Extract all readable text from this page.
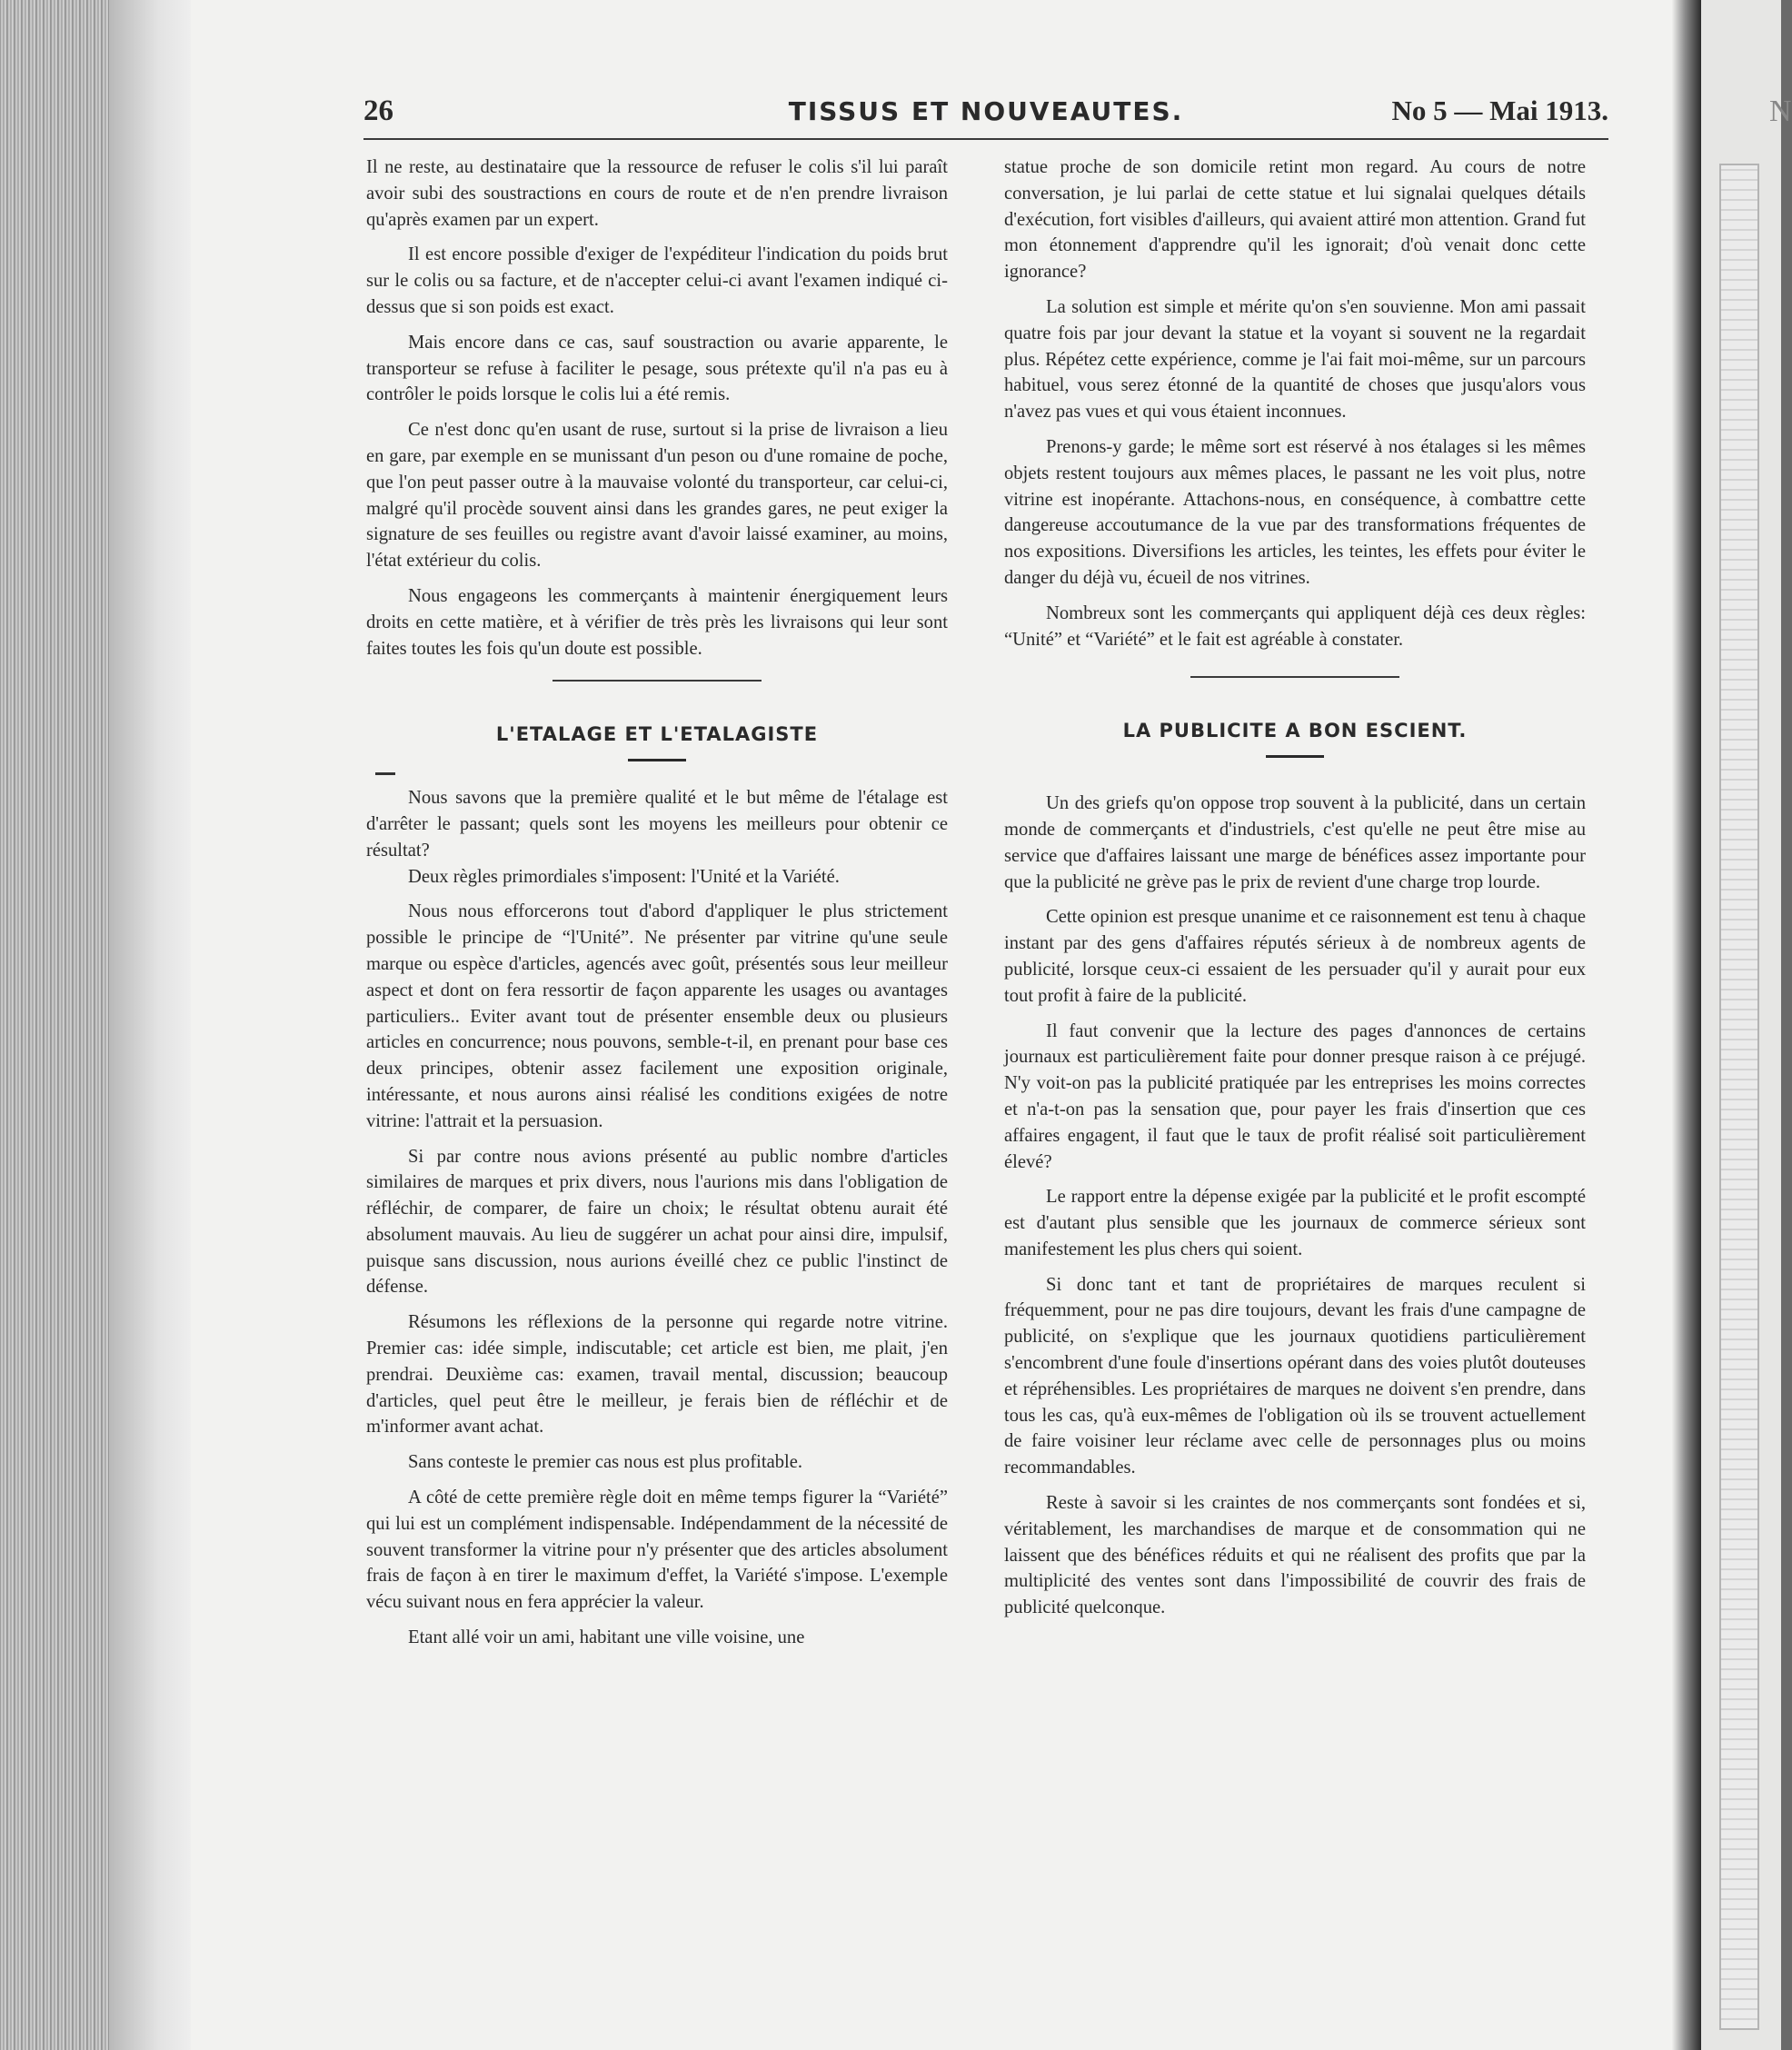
N
26	TISSUS ET NOUVEAUTES.	No 5 — Mai 1913.

Il ne reste, au destinataire que la ressource de refuser le colis s'il lui paraît avoir subi des soustractions en cours de route et de n'en prendre livraison qu'après examen par un expert.

Il est encore possible d'exiger de l'expéditeur l'indication du poids brut sur le colis ou sa facture, et de n'accepter celui-ci avant l'examen indiqué ci-dessus que si son poids est exact.

Mais encore dans ce cas, sauf soustraction ou avarie apparente, le transporteur se refuse à faciliter le pesage, sous prétexte qu'il n'a pas eu à contrôler le poids lorsque le colis lui a été remis.

Ce n'est donc qu'en usant de ruse, surtout si la prise de livraison a lieu en gare, par exemple en se munissant d'un peson ou d'une romaine de poche, que l'on peut passer outre à la mauvaise volonté du transporteur, car celui-ci, malgré qu'il procède souvent ainsi dans les grandes gares, ne peut exiger la signature de ses feuilles ou registre avant d'avoir laissé examiner, au moins, l'état extérieur du colis.

Nous engageons les commerçants à maintenir énergiquement leurs droits en cette matière, et à vérifier de très près les livraisons qui leur sont faites toutes les fois qu'un doute est possible.

L'ETALAGE ET L'ETALAGISTE

Nous savons que la première qualité et le but même de l'étalage est d'arrêter le passant; quels sont les moyens les meilleurs pour obtenir ce résultat?

Deux règles primordiales s'imposent: l'Unité et la Variété.

Nous nous efforcerons tout d'abord d'appliquer le plus strictement possible le principe de “l'Unité”. Ne présenter par vitrine qu'une seule marque ou espèce d'articles, agencés avec goût, présentés sous leur meilleur aspect et dont on fera ressortir de façon apparente les usages ou avantages particuliers.. Eviter avant tout de présenter ensemble deux ou plusieurs articles en concurrence; nous pouvons, semble-t-il, en prenant pour base ces deux principes, obtenir assez facilement une exposition originale, intéressante, et nous aurons ainsi réalisé les conditions exigées de notre vitrine: l'attrait et la persuasion.

Si par contre nous avions présenté au public nombre d'articles similaires de marques et prix divers, nous l'aurions mis dans l'obligation de réfléchir, de comparer, de faire un choix; le résultat obtenu aurait été absolument mauvais. Au lieu de suggérer un achat pour ainsi dire, impulsif, puisque sans discussion, nous aurions éveillé chez ce public l'instinct de défense.

Résumons les réflexions de la personne qui regarde notre vitrine. Premier cas: idée simple, indiscutable; cet article est bien, me plait, j'en prendrai. Deuxième cas: examen, travail mental, discussion; beaucoup d'articles, quel peut être le meilleur, je ferais bien de réfléchir et de m'informer avant achat.

Sans conteste le premier cas nous est plus profitable.

A côté de cette première règle doit en même temps figurer la “Variété” qui lui est un complément indispensable. Indépendamment de la nécessité de souvent transformer la vitrine pour n'y présenter que des articles absolument frais de façon à en tirer le maximum d'effet, la Variété s'impose. L'exemple vécu suivant nous en fera apprécier la valeur.

Etant allé voir un ami, habitant une ville voisine, une

statue proche de son domicile retint mon regard. Au cours de notre conversation, je lui parlai de cette statue et lui signalai quelques détails d'exécution, fort visibles d'ailleurs, qui avaient attiré mon attention. Grand fut mon étonnement d'apprendre qu'il les ignorait; d'où venait donc cette ignorance?

La solution est simple et mérite qu'on s'en souvienne. Mon ami passait quatre fois par jour devant la statue et la voyant si souvent ne la regardait plus. Répétez cette expérience, comme je l'ai fait moi-même, sur un parcours habituel, vous serez étonné de la quantité de choses que jusqu'alors vous n'avez pas vues et qui vous étaient inconnues.

Prenons-y garde; le même sort est réservé à nos étalages si les mêmes objets restent toujours aux mêmes places, le passant ne les voit plus, notre vitrine est inopérante. Attachons-nous, en conséquence, à combattre cette dangereuse accoutumance de la vue par des transformations fréquentes de nos expositions. Diversifions les articles, les teintes, les effets pour éviter le danger du déjà vu, écueil de nos vitrines.

Nombreux sont les commerçants qui appliquent déjà ces deux règles: “Unité” et “Variété” et le fait est agréable à constater.

LA PUBLICITE A BON ESCIENT.

Un des griefs qu'on oppose trop souvent à la publicité, dans un certain monde de commerçants et d'industriels, c'est qu'elle ne peut être mise au service que d'affaires laissant une marge de bénéfices assez importante pour que la publicité ne grève pas le prix de revient d'une charge trop lourde.

Cette opinion est presque unanime et ce raisonnement est tenu à chaque instant par des gens d'affaires réputés sérieux à de nombreux agents de publicité, lorsque ceux-ci essaient de les persuader qu'il y aurait pour eux tout profit à faire de la publicité.

Il faut convenir que la lecture des pages d'annonces de certains journaux est particulièrement faite pour donner presque raison à ce préjugé. N'y voit-on pas la publicité pratiquée par les entreprises les moins correctes et n'a-t-on pas la sensation que, pour payer les frais d'insertion que ces affaires engagent, il faut que le taux de profit réalisé soit particulièrement élevé?

Le rapport entre la dépense exigée par la publicité et le profit escompté est d'autant plus sensible que les journaux de commerce sérieux sont manifestement les plus chers qui soient.

Si donc tant et tant de propriétaires de marques reculent si fréquemment, pour ne pas dire toujours, devant les frais d'une campagne de publicité, on s'explique que les journaux quotidiens particulièrement s'encombrent d'une foule d'insertions opérant dans des voies plutôt douteuses et répréhensibles. Les propriétaires de marques ne doivent s'en prendre, dans tous les cas, qu'à eux-mêmes de l'obligation où ils se trouvent actuellement de faire voisiner leur réclame avec celle de personnages plus ou moins recommandables.

Reste à savoir si les craintes de nos commerçants sont fondées et si, véritablement, les marchandises de marque et de consommation qui ne laissent que des bénéfices réduits et qui ne réalisent des profits que par la multiplicité des ventes sont dans l'impossibilité de couvrir des frais de publicité quelconque.
